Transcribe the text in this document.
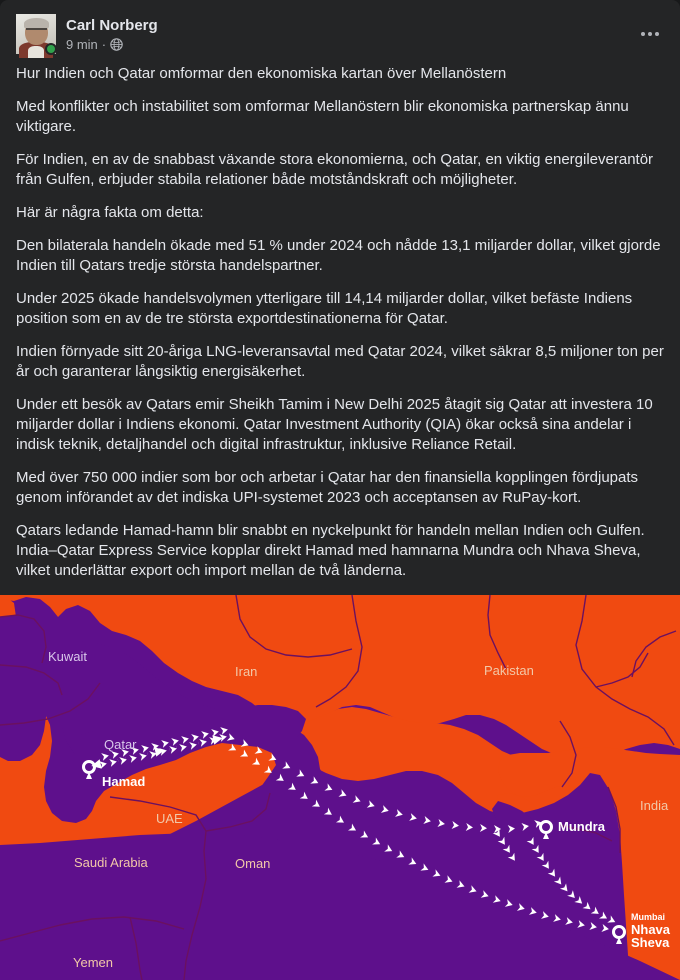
Carl Norberg
9 min ·

Hur Indien och Qatar omformar den ekonomiska kartan över Mellanöstern

Med konflikter och instabilitet som omformar Mellanöstern blir ekonomiska partnerskap ännu viktigare.

För Indien, en av de snabbast växande stora ekonomierna, och Qatar, en viktig energileverantör från Gulfen, erbjuder stabila relationer både motståndskraft och möjligheter.

Här är några fakta om detta:

Den bilaterala handeln ökade med 51 % under 2024 och nådde 13,1 miljarder dollar, vilket gjorde Indien till Qatars tredje största handelspartner.

Under 2025 ökade handelsvolymen ytterligare till 14,14 miljarder dollar, vilket befäste Indiens position som en av de tre största exportdestinationerna för Qatar.

Indien förnyade sitt 20-åriga LNG-leveransavtal med Qatar 2024, vilket säkrar 8,5 miljoner ton per år och garanterar långsiktig energisäkerhet.

Under ett besök av Qatars emir Sheikh Tamim i New Delhi 2025 åtagit sig Qatar att investera 10 miljarder dollar i Indiens ekonomi. Qatar Investment Authority (QIA) ökar också sina andelar i indisk teknik, detaljhandel och digital infrastruktur, inklusive Reliance Retail.

Med över 750 000 indier som bor och arbetar i Qatar har den finansiella kopplingen fördjupats genom införandet av det indiska UPI-systemet 2023 och acceptansen av RuPay-kort.

Qatars ledande Hamad-hamn blir snabbt en nyckelpunkt för handeln mellan Indien och Gulfen. India–Qatar Express Service kopplar direkt Hamad med hamnarna Mundra och Nhava Sheva, vilket underlättar export och import mellan de två länderna.

Kuwait
Iran	Pakistan
Qatar
UAE
Oman
Saudi Arabia
Yemen
India
Hamad
Mundra
Mumbai
Nhava
Sheva
